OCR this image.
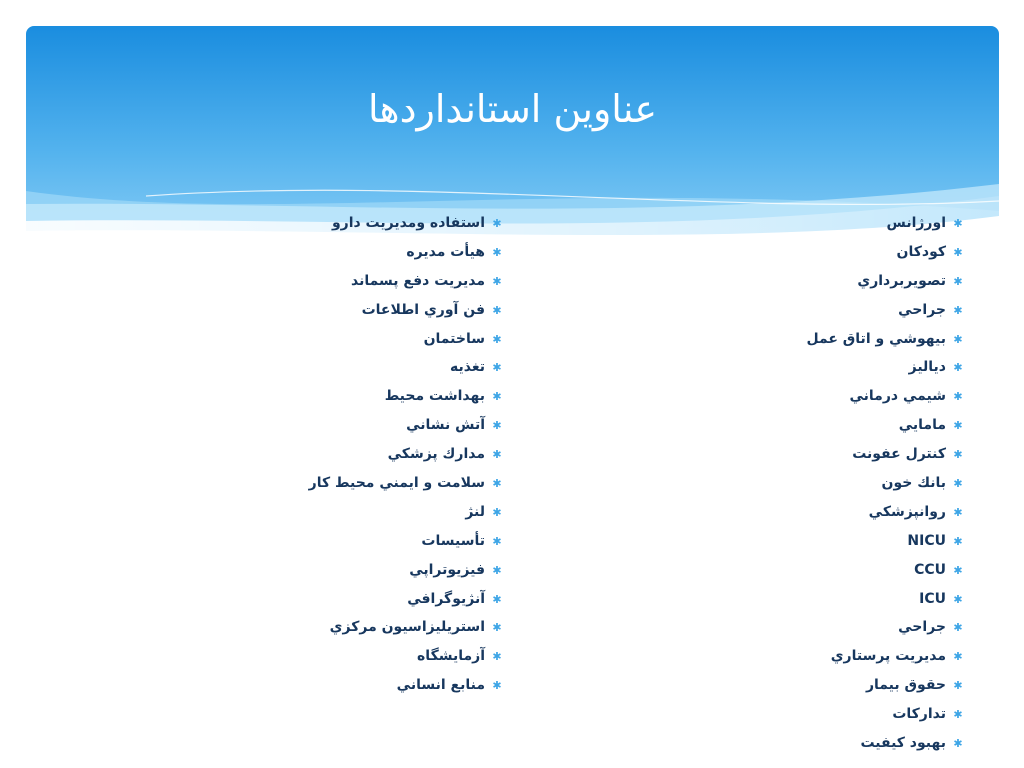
عناوین استانداردها
✱اورژانس
✱كودكان
✱تصويربرداري
✱جراحي
✱بيهوشي و اتاق عمل
✱دياليز
✱شيمي درماني
✱مامايي
✱كنترل عفونت
✱بانك خون
✱روانپزشكي
✱NICU
✱CCU
✱ICU
✱جراحي
✱مديريت پرستاري
✱حقوق بيمار
✱تداركات
✱بهبود كيفيت
✱استفاده ومديريت دارو
✱هيأت مديره
✱مديريت دفع پسماند
✱فن آوري اطلاعات
✱ساختمان
✱تغذيه
✱بهداشت محيط
✱آتش نشاني
✱مدارك پزشكي
✱سلامت و ايمني محيط كار
✱لنژ
✱تأسيسات
✱فيزيوتراپي
✱آنژيوگرافي
✱استريليزاسيون مركزي
✱آزمايشگاه
✱منابع انساني
